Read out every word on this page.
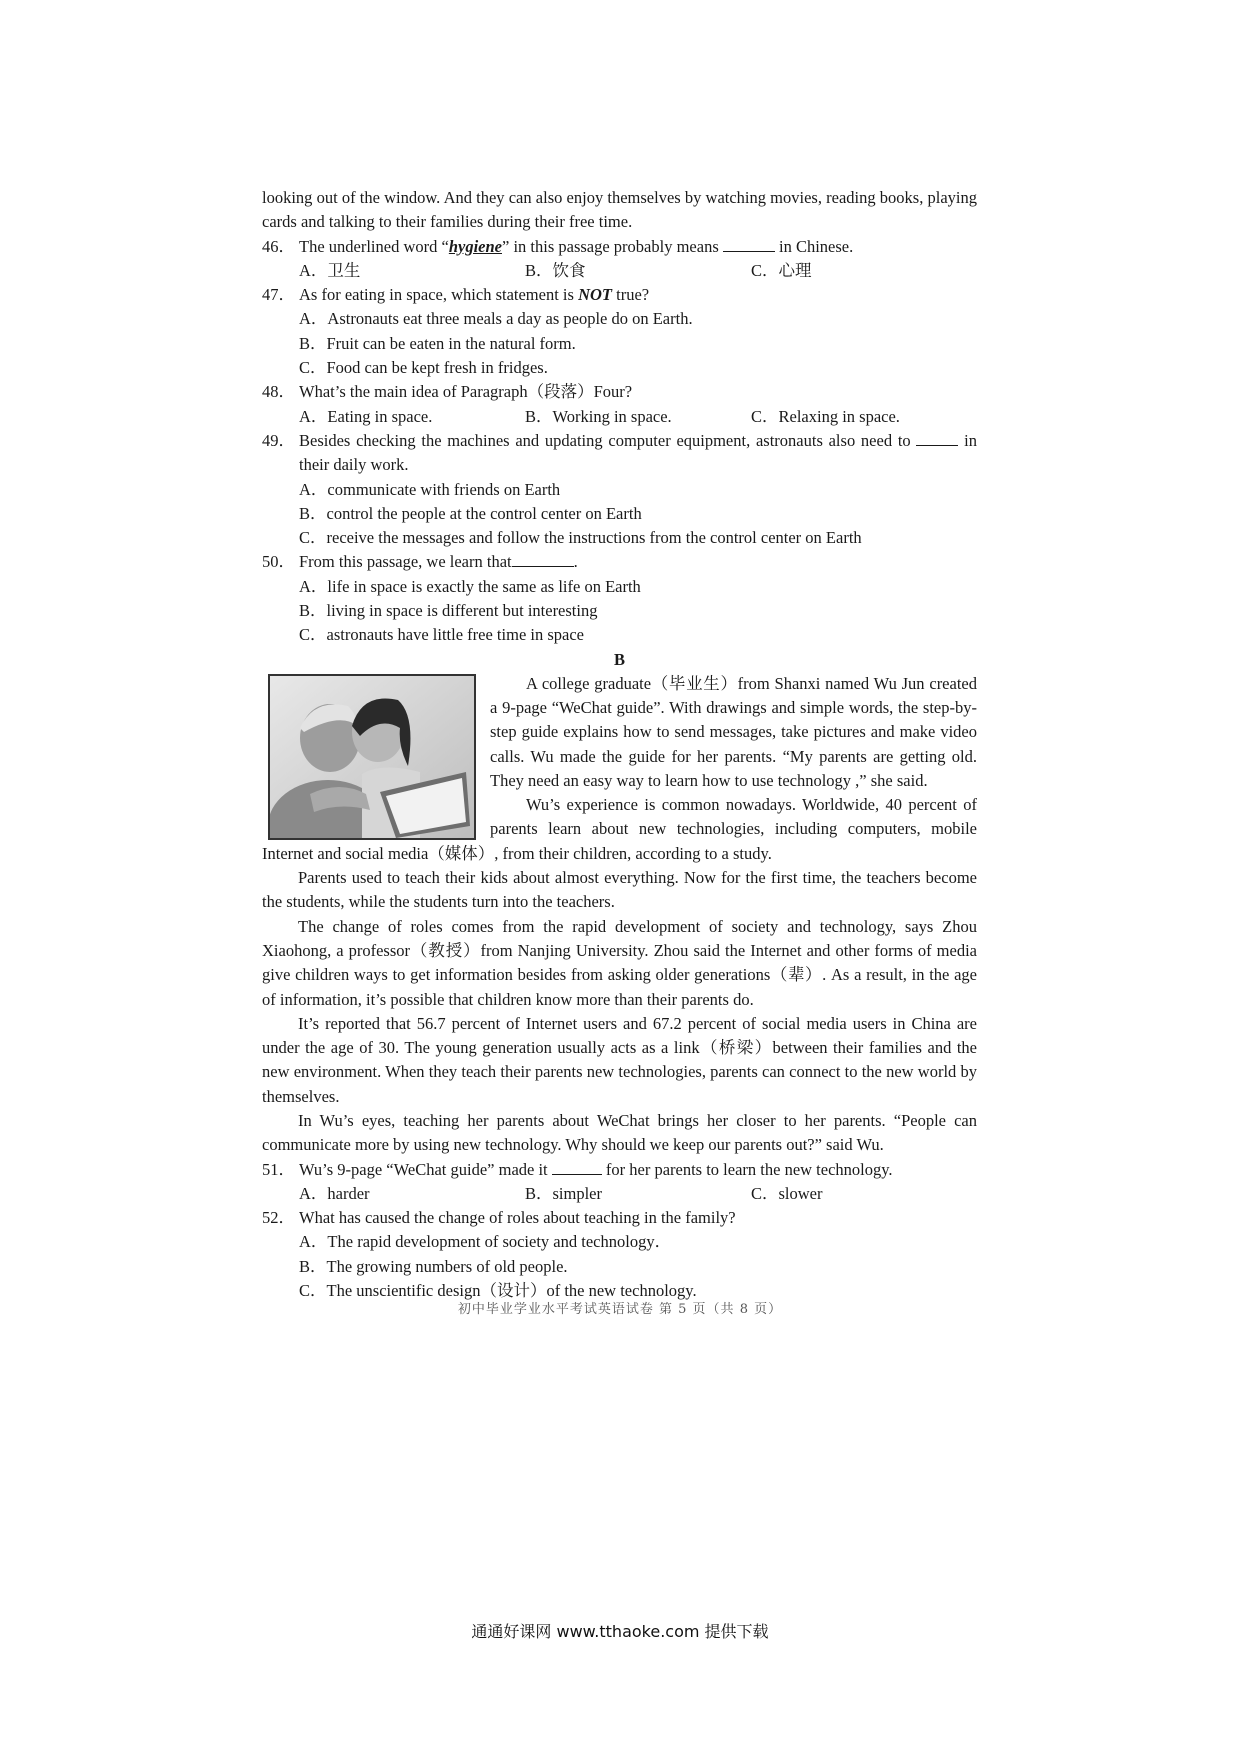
looking out of the window. And they can also enjoy themselves by watching movies, reading books, playing cards and talking to their families during their free time.
46． The underlined word “hygiene” in this passage probably means	in Chinese.
A．卫生	B．饮食	C．心理
47． As for eating in space, which statement is NOT true?
A．Astronauts eat three meals a day as people do on Earth.
B．Fruit can be eaten in the natural form.
C．Food can be kept fresh in fridges.
48． What’s the main idea of Paragraph（段落）Four?
A．Eating in space.	B．Working in space.	C．Relaxing in space.
49． Besides checking the machines and updating computer equipment, astronauts also need to	in their daily work.
A．communicate with friends on Earth
B．control the people at the control center on Earth
C．receive the messages and follow the instructions from the control center on Earth
50． From this passage, we learn that	.
A．life in space is exactly the same as life on Earth
B．living in space is different but interesting
C．astronauts have little free time in space
B
A college graduate（毕业生）from Shanxi named Wu Jun created a 9-page “WeChat guide”. With drawings and simple words, the step-by-step guide explains how to send messages, take pictures and make video calls. Wu made the guide for her parents. “My parents are getting old. They need an easy way to learn how to use technology ,” she said.
Wu’s experience is common nowadays. Worldwide, 40 percent of parents learn about new technologies, including computers, mobile Internet and social media（媒体）, from their children, according to a study.
Parents used to teach their kids about almost everything. Now for the first time, the teachers become the students, while the students turn into the teachers.
The change of roles comes from the rapid development of society and technology, says Zhou Xiaohong, a professor（教授）from Nanjing University. Zhou said the Internet and other forms of media give children ways to get information besides from asking older generations（辈）. As a result, in the age of information, it’s possible that children know more than their parents do.
It’s reported that 56.7 percent of Internet users and 67.2 percent of social media users in China are under the age of 30. The young generation usually acts as a link（桥梁）between their families and the new environment. When they teach their parents new technologies, parents can connect to the new world by themselves.
In Wu’s eyes, teaching her parents about WeChat brings her closer to her parents. “People can communicate more by using new technology. Why should we keep our parents out?” said Wu.
51． Wu’s 9-page “WeChat guide” made it	for her parents to learn the new technology.
A．harder	B．simpler	C．slower
52． What has caused the change of roles about teaching in the family?
A．The rapid development of society and technology．
B．The growing numbers of old people.
C．The unscientific design（设计）of the new technology.
初中毕业学业水平考试英语试卷 第 5 页（共 8 页）
通通好课网 www.tthaoke.com 提供下载
